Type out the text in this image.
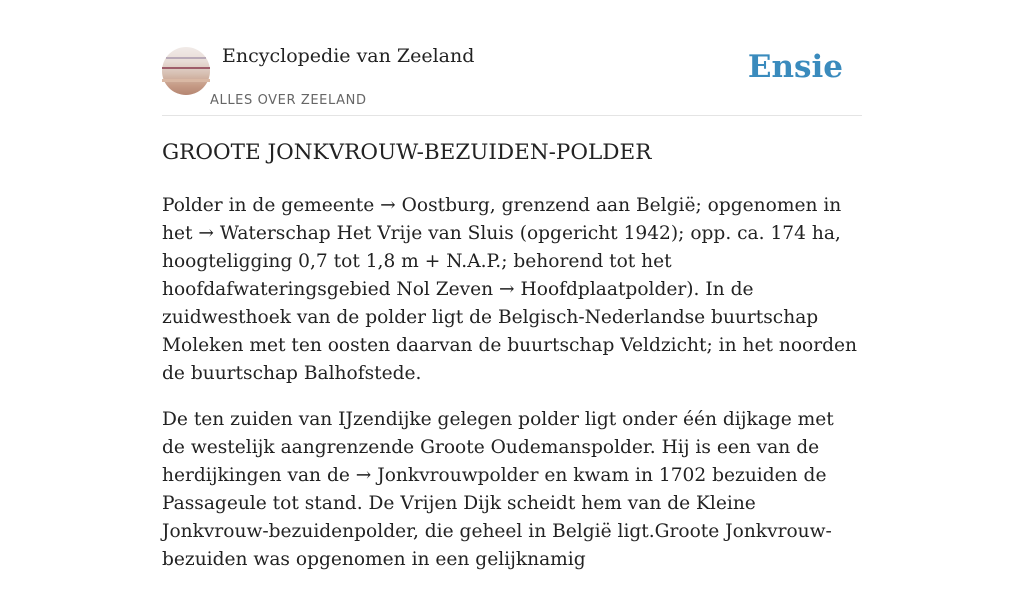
Encyclopedie van Zeeland
ALLES OVER ZEELAND
Ensie
GROOTE JONKVROUW-BEZUIDEN-POLDER

Polder in de gemeente → Oostburg, grenzend aan België; opgenomen in het → Waterschap Het Vrije van Sluis (opgericht 1942); opp. ca. 174 ha, hoogteligging 0,7 tot 1,8 m + N.A.P.; behorend tot het hoofdafwateringsgebied Nol Zeven → Hoofdplaatpolder). In de zuidwesthoek van de polder ligt de Belgisch-Nederlandse buurtschap Moleken met ten oosten daarvan de buurtschap Veldzicht; in het noorden de buurtschap Balhofstede.

De ten zuiden van IJzendijke gelegen polder ligt onder één dijkage met de westelijk aangrenzende Groote Oudemanspolder. Hij is een van de herdijkingen van de → Jonkvrouwpolder en kwam in 1702 bezuiden de Passageule tot stand. De Vrijen Dijk scheidt hem van de Kleine Jonkvrouw-bezuidenpolder, die geheel in België ligt.Groote Jonkvrouw-bezuiden was opgenomen in een gelijknamig
